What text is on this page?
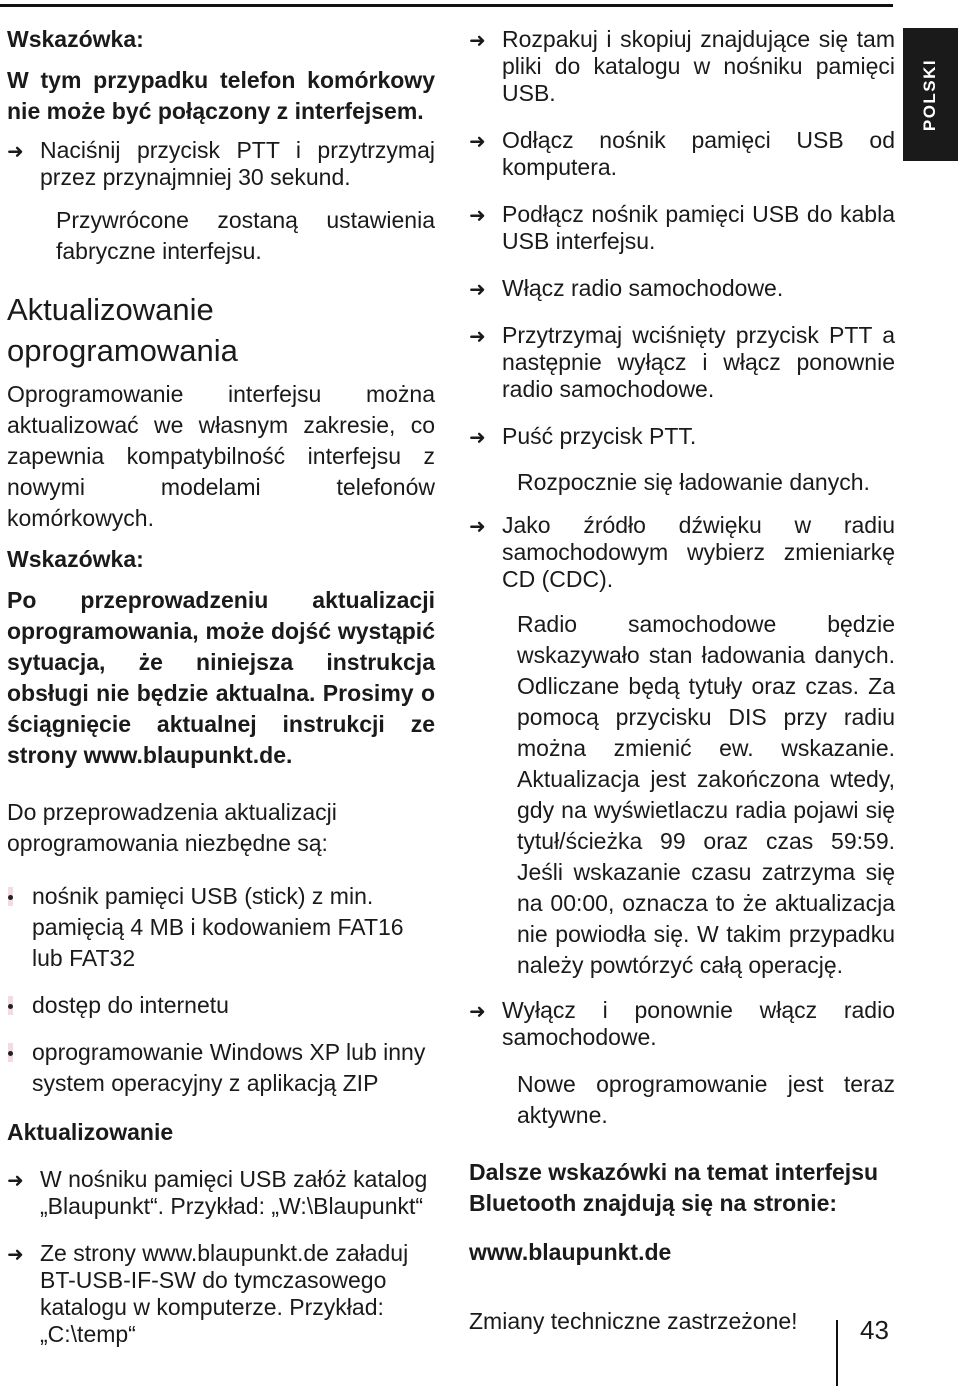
POLSKI
Wskazówka:
W tym przypadku telefon komórkowy nie może być połączony z interfejsem.
➜ Naciśnij przycisk PTT i przytrzymaj przez przynajmniej 30 sekund.
Przywrócone zostaną ustawienia fabryczne interfejsu.
Aktualizowanie oprogramowania
Oprogramowanie interfejsu można aktualizować we własnym zakresie, co zapewnia kompatybilność interfejsu z nowymi modelami telefonów komórkowych.
Wskazówka:
Po przeprowadzeniu aktualizacji oprogramowania, może dojść wystąpić sytuacja, że niniejsza instrukcja obsługi nie będzie aktualna. Prosimy o ściągnięcie aktualnej instrukcji ze strony www.blaupunkt.de.
Do przeprowadzenia aktualizacji oprogramowania niezbędne są:
nośnik pamięci USB (stick) z min. pamięcią 4 MB i kodowaniem FAT16 lub FAT32
dostęp do internetu
oprogramowanie Windows XP lub inny system operacyjny z aplikacją ZIP
Aktualizowanie
➜ W nośniku pamięci USB załóż katalog „Blaupunkt“. Przykład: „W:\Blaupunkt“
➜ Ze strony www.blaupunkt.de załaduj BT-USB-IF-SW do tymczasowego katalogu w komputerze. Przykład: „C:\temp“
➜ Rozpakuj i skopiuj znajdujące się tam pliki do katalogu w nośniku pamięci USB.
➜ Odłącz nośnik pamięci USB od komputera.
➜ Podłącz nośnik pamięci USB do kabla USB interfejsu.
➜ Włącz radio samochodowe.
➜ Przytrzymaj wciśnięty przycisk PTT a następnie wyłącz i włącz ponownie radio samochodowe.
➜ Puść przycisk PTT.
Rozpocznie się ładowanie danych.
➜ Jako źródło dźwięku w radiu samochodowym wybierz zmieniarkę CD (CDC).
Radio samochodowe będzie wskazywało stan ładowania danych. Odliczane będą tytuły oraz czas. Za pomocą przycisku DIS przy radiu można zmienić ew. wskazanie. Aktualizacja jest zakończona wtedy, gdy na wyświetlaczu radia pojawi się tytuł/ścieżka 99 oraz czas 59:59. Jeśli wskazanie czasu zatrzyma się na 00:00, oznacza to że aktualizacja nie powiodła się. W takim przypadku należy powtórzyć całą operację.
➜ Wyłącz i ponownie włącz radio samochodowe.
Nowe oprogramowanie jest teraz aktywne.
Dalsze wskazówki na temat interfejsu Bluetooth znajdują się na stronie:
www.blaupunkt.de
Zmiany techniczne zastrzeżone!	43
